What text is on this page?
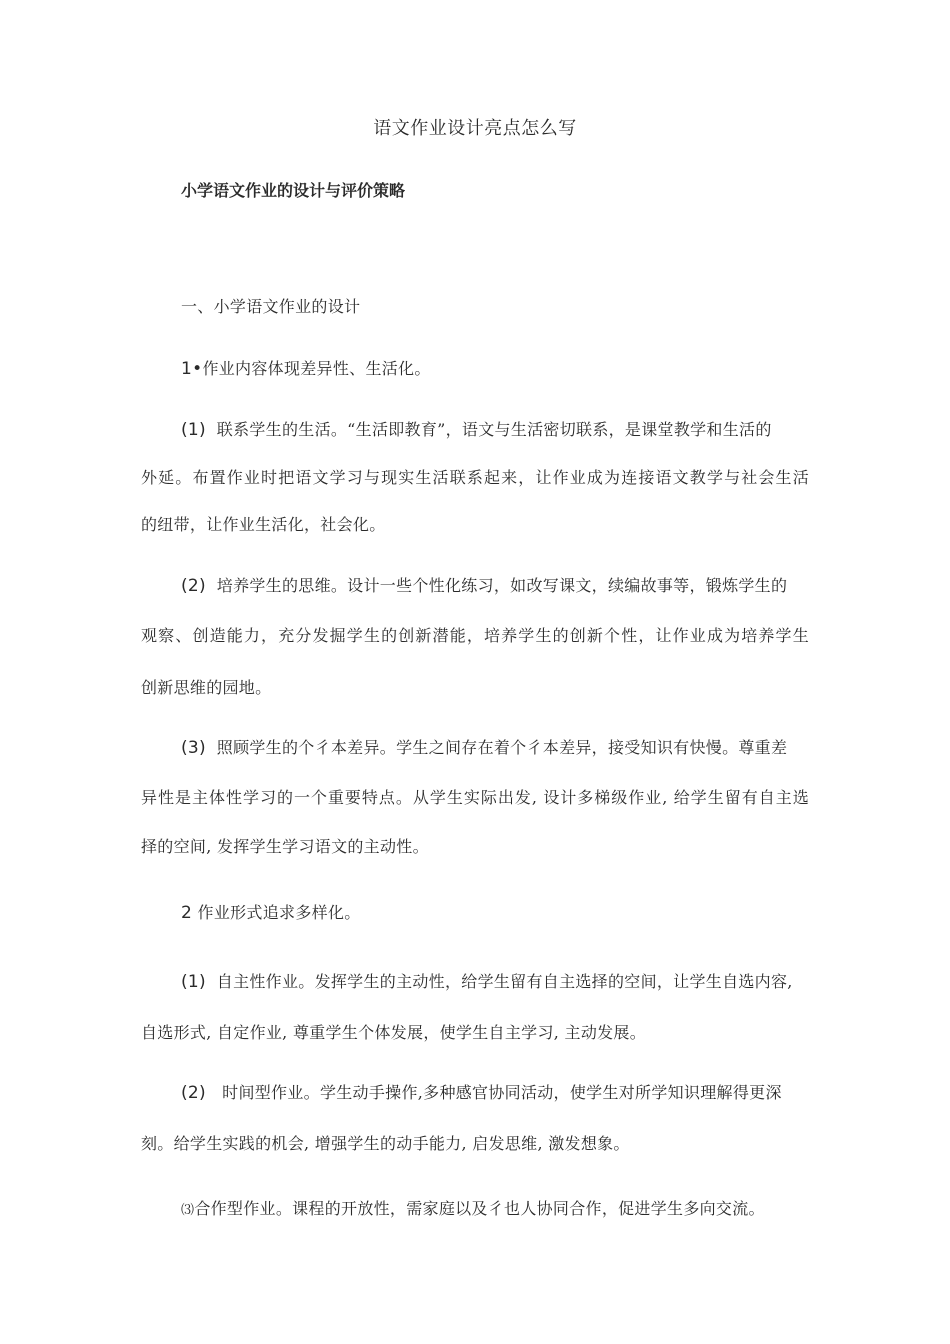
语文作业设计亮点怎么写
小学语文作业的设计与评价策略
一、小学语文作业的设计
1•作业内容体现差异性、生活化。
(1) 联系学生的生活。“生活即教育”，语文与生活密切联系，是课堂教学和生活的
外延。布置作业时把语文学习与现实生活联系起来，让作业成为连接语文教学与社会生活
的纽带，让作业生活化，社会化。
(2) 培养学生的思维。设计一些个性化练习，如改写课文，续编故事等，锻炼学生的
观察、创造能力，充分发掘学生的创新潜能，培养学生的创新个性，让作业成为培养学生
创新思维的园地。
(3) 照顾学生的个彳本差异。学生之间存在着个彳本差异，接受知识有快慢。尊重差
异性是主体性学习的一个重要特点。从学生实际出发, 设计多梯级作业, 给学生留有自主选
择的空间, 发挥学生学习语文的主动性。
2 作业形式追求多样化。
(1) 自主性作业。发挥学生的主动性，给学生留有自主选择的空间，让学生自选内容,
自选形式, 自定作业, 尊重学生个体发展，使学生自主学习, 主动发展。
(2) 时间型作业。学生动手操作,多种感官协同活动，使学生对所学知识理解得更深
刻。给学生实践的机会, 增强学生的动手能力, 启发思维, 激发想象。
⑶合作型作业。课程的开放性，需家庭以及彳也人协同合作，促进学生多向交流。
